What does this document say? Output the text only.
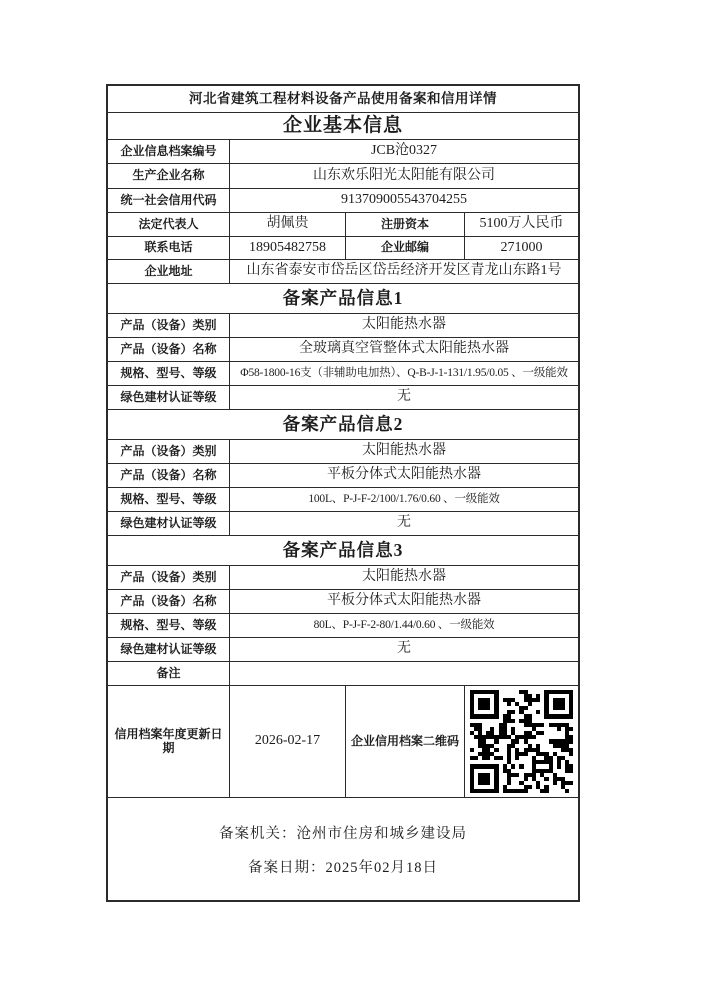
河北省建筑工程材料设备产品使用备案和信用详情
企业基本信息
企业信息档案编号	JCB沧0327
生产企业名称	山东欢乐阳光太阳能有限公司
统一社会信用代码	913709005543704255
法定代表人	胡佩贵	注册资本	5100万人民币
联系电话	18905482758	企业邮编	271000
企业地址	山东省泰安市岱岳区岱岳经济开发区青龙山东路1号
备案产品信息1
产品（设备）类别	太阳能热水器
产品（设备）名称	全玻璃真空管整体式太阳能热水器
规格、型号、等级	Φ58-1800-16支（非辅助电加热）、Q-B-J-1-131/1.95/0.05 、一级能效
绿色建材认证等级	无
备案产品信息2
产品（设备）类别	太阳能热水器
产品（设备）名称	平板分体式太阳能热水器
规格、型号、等级	100L、P-J-F-2/100/1.76/0.60 、一级能效
绿色建材认证等级	无
备案产品信息3
产品（设备）类别	太阳能热水器
产品（设备）名称	平板分体式太阳能热水器
规格、型号、等级	80L、P-J-F-2-80/1.44/0.60 、一级能效
绿色建材认证等级	无
备注
信用档案年度更新日期	2026-02-17	企业信用档案二维码
备案机关：沧州市住房和城乡建设局
备案日期：2025年02月18日
